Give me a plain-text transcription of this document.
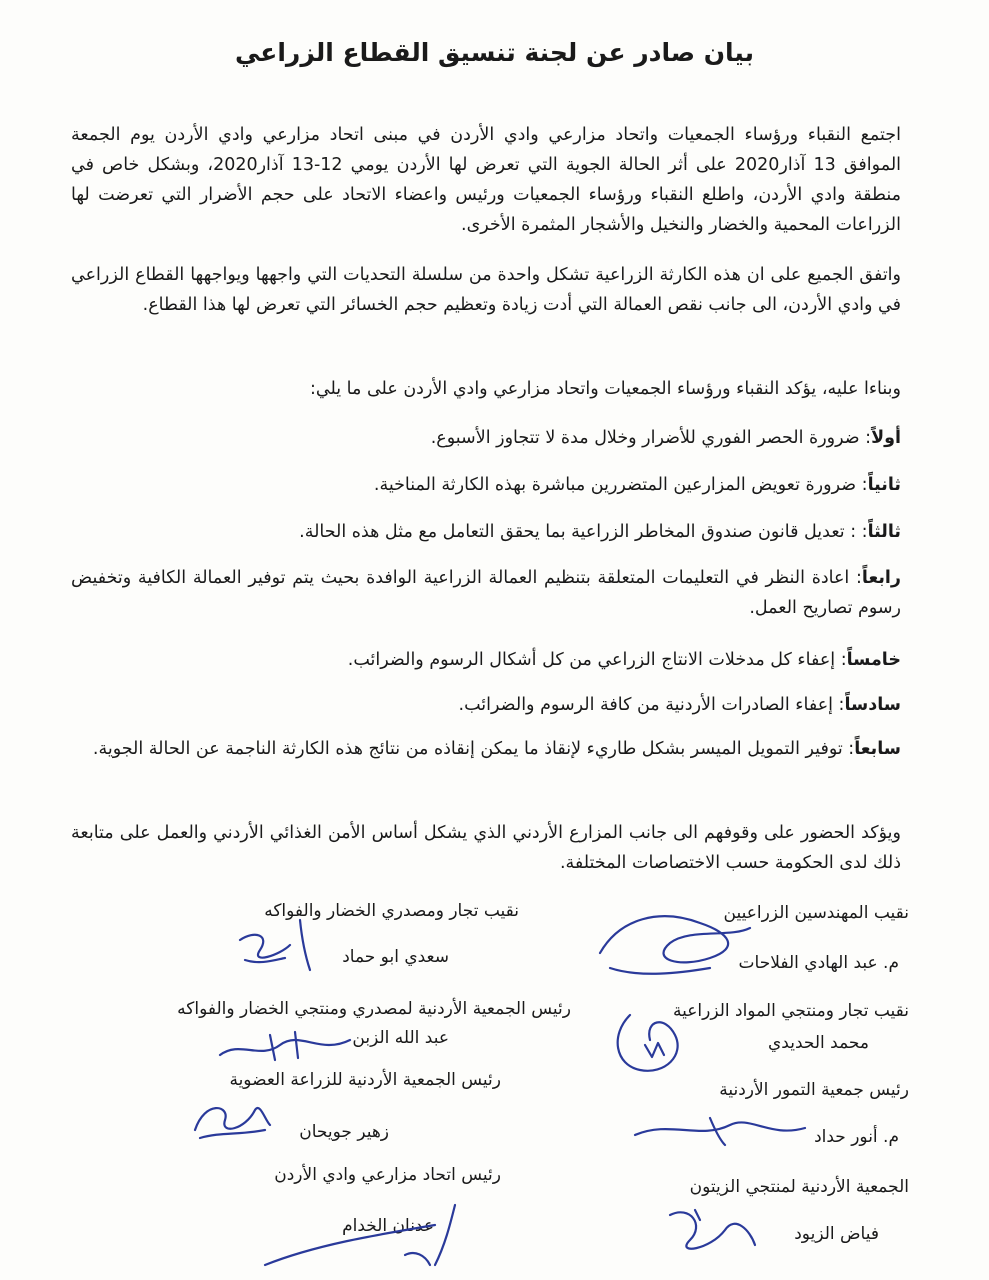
بيان صادر عن لجنة تنسيق القطاع الزراعي

اجتمع النقباء ورؤساء الجمعيات واتحاد مزارعي وادي الأردن في مبنى اتحاد مزارعي وادي الأردن يوم الجمعة الموافق 13 آذار2020 على أثر الحالة الجوية التي تعرض لها الأردن يومي 12-13 آذار2020، وبشكل خاص في منطقة وادي الأردن، واطلع النقباء ورؤساء الجمعيات ورئيس واعضاء الاتحاد على حجم الأضرار التي تعرضت لها الزراعات المحمية والخضار والنخيل والأشجار المثمرة الأخرى.

واتفق الجميع على ان هذه الكارثة الزراعية تشكل واحدة من سلسلة التحديات التي واجهها ويواجهها القطاع الزراعي في وادي الأردن، الى جانب نقص العمالة التي أدت زيادة وتعظيم حجم الخسائر التي تعرض لها هذا القطاع.

وبناءا عليه، يؤكد النقباء ورؤساء الجمعيات واتحاد مزارعي وادي الأردن على ما يلي:

أولاً: ضرورة الحصر الفوري للأضرار وخلال مدة لا تتجاوز الأسبوع.

ثانياً: ضرورة تعويض المزارعين المتضررين مباشرة بهذه الكارثة المناخية.

ثالثاً: : تعديل قانون صندوق المخاطر الزراعية بما يحقق التعامل مع مثل هذه الحالة.

رابعاً: اعادة النظر في التعليمات المتعلقة بتنظيم العمالة الزراعية الوافدة بحيث يتم توفير العمالة الكافية وتخفيض رسوم تصاريح العمل.

خامساً: إعفاء كل مدخلات الانتاج الزراعي من كل أشكال الرسوم والضرائب.

سادساً: إعفاء الصادرات الأردنية من كافة الرسوم والضرائب.

سابعاً: توفير التمويل الميسر بشكل طاريء لإنقاذ ما يمكن إنقاذه من نتائج هذه الكارثة الناجمة عن الحالة الجوية.

ويؤكد الحضور على وقوفهم الى جانب المزارع الأردني الذي يشكل أساس الأمن الغذائي الأردني والعمل على متابعة ذلك لدى الحكومة حسب الاختصاصات المختلفة.

نقيب المهندسين الزراعيين

م. عبد الهادي الفلاحات

نقيب تجار ومنتجي المواد الزراعية

محمد الحديدي

رئيس جمعية التمور الأردنية

م. أنور حداد

الجمعية الأردنية لمنتجي الزيتون

فياض الزيود

نقيب تجار ومصدري الخضار والفواكه

سعدي ابو حماد

رئيس الجمعية الأردنية لمصدري ومنتجي الخضار والفواكه

عبد الله الزبن

رئيس الجمعية الأردنية للزراعة العضوية

زهير جويحان

رئيس اتحاد مزارعي وادي الأردن

عدنان الخدام
